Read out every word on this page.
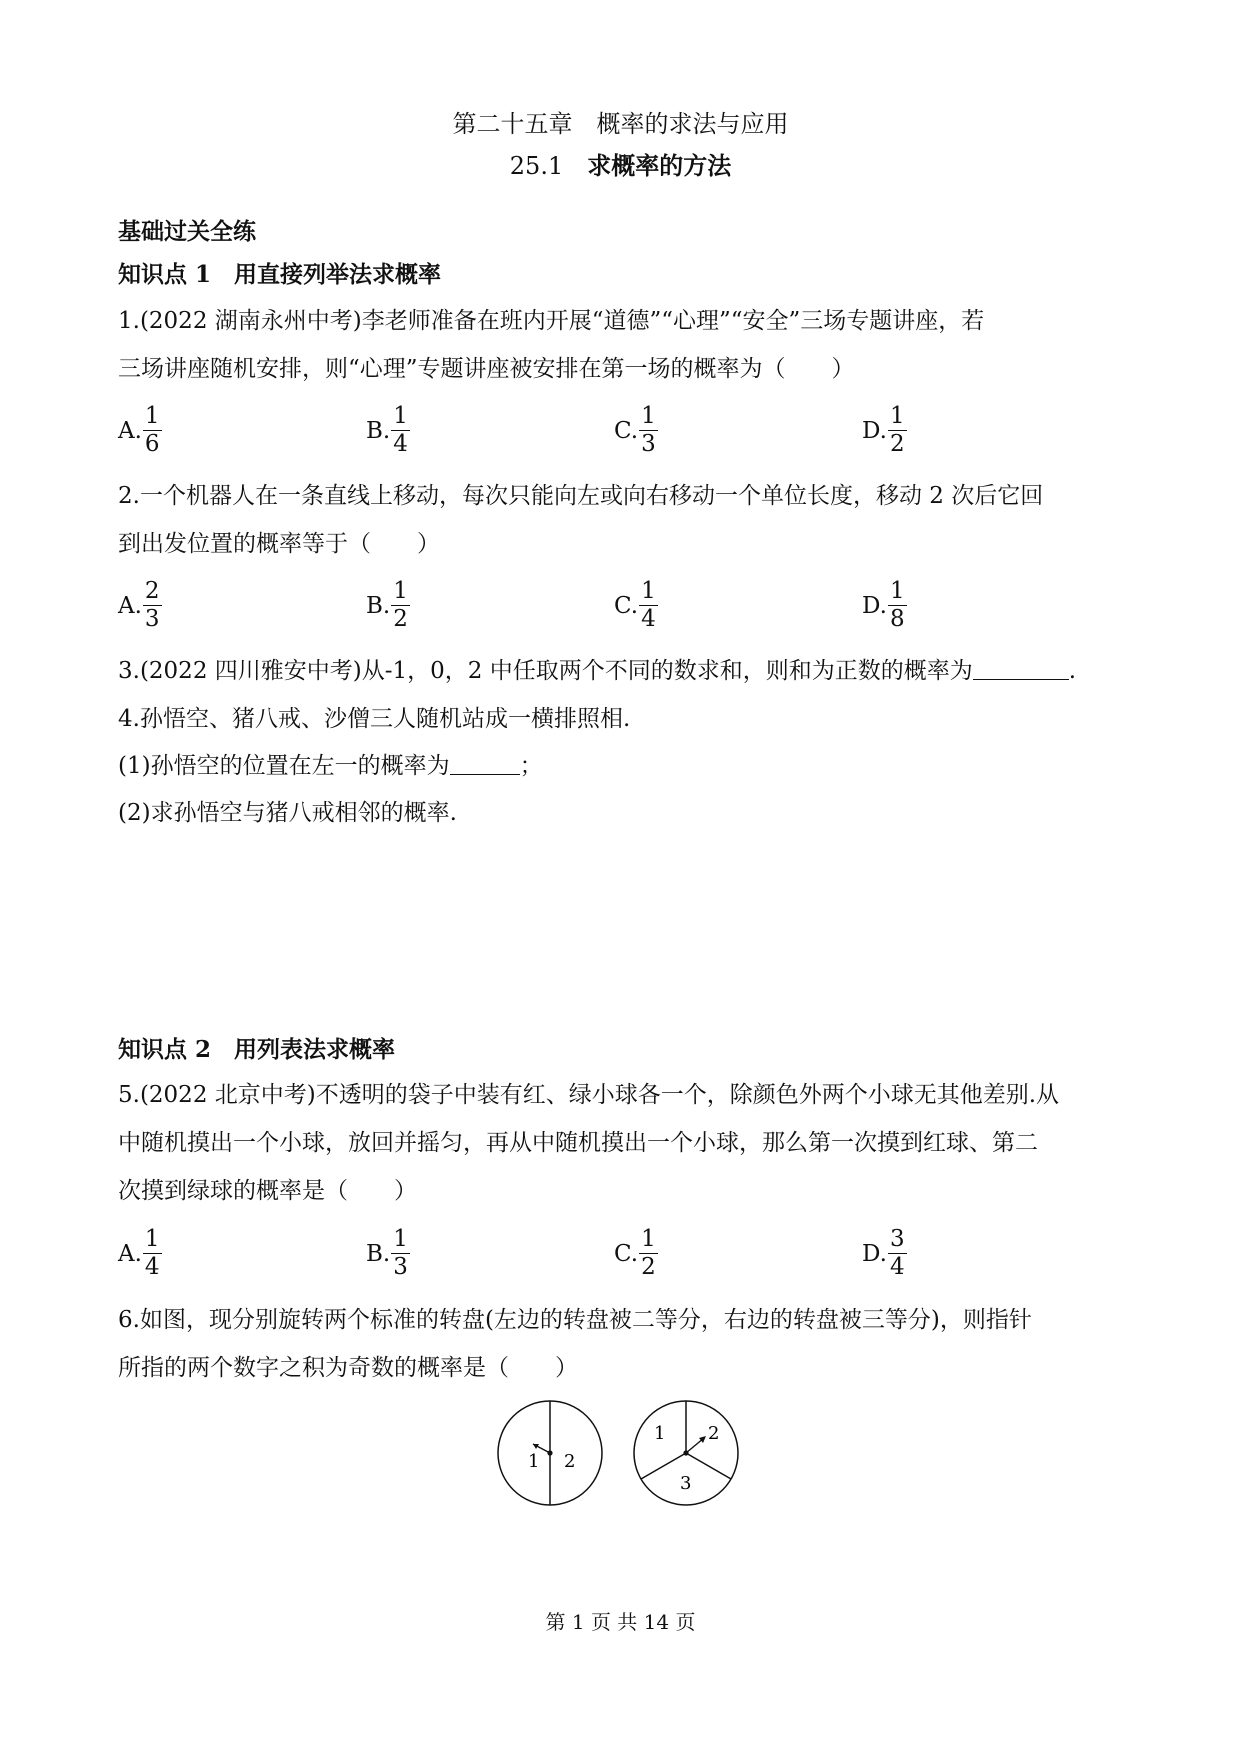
第二十五章　概率的求法与应用
25.1　 求概率的方法
基础过关全练
知识点 1　 用直接列举法求概率
1.(2022 湖南永州中考)李老师准备在班内开展“道德”“心理”“安全”三场专题讲座，若
三场讲座随机安排，则“心理”专题讲座被安排在第一场的概率为（ ）
A. $\frac{1}{6}$	B. $\frac{1}{4}$	C. $\frac{1}{3}$	D. $\frac{1}{2}$
2.一个机器人在一条直线上移动，每次只能向左或向右移动一个单位长度，移动 2 次后它回
到出发位置的概率等于（ ）
A. $\frac{2}{3}$	B. $\frac{1}{2}$	C. $\frac{1}{4}$	D. $\frac{1}{8}$
3.(2022 四川雅安中考)从-1，0，2 中任取两个不同的数求和，则和为正数的概率为	.
4.孙悟空、猪八戒、沙僧三人随机站成一横排照相.
(1)孙悟空的位置在左一的概率为	；
(2)求孙悟空与猪八戒相邻的概率.
知识点 2　 用列表法求概率
5.(2022 北京中考)不透明的袋子中装有红、绿小球各一个，除颜色外两个小球无其他差别.从
中随机摸出一个小球，放回并摇匀，再从中随机摸出一个小球，那么第一次摸到红球、第二
次摸到绿球的概率是（ ）
A. $\frac{1}{4}$	B. $\frac{1}{3}$	C. $\frac{1}{2}$	D. $\frac{3}{4}$
6.如图，现分别旋转两个标准的转盘(左边的转盘被二等分，右边的转盘被三等分)，则指针
所指的两个数字之积为奇数的概率是（ ）
1 2
1 2
3
第 1 页 共 14 页
